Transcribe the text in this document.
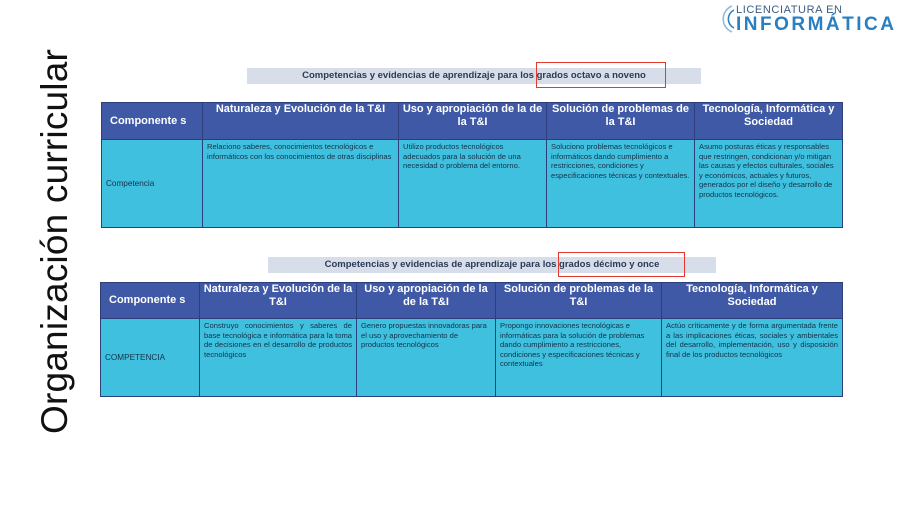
Organización curricular
LICENCIATURA EN
INFORMÁTICA
Competencias y evidencias de aprendizaje para los grados octavo a noveno
Componente s	Naturaleza y Evolución de la T&I	Uso y apropiación de la de la T&I	Solución de problemas de la T&I	Tecnología, Informática y Sociedad
Competencia	Relaciono saberes, conocimientos tecnológicos e informáticos con los conocimientos de otras disciplinas	Utilizo productos tecnológicos adecuados para la solución de una necesidad o problema del entorno.	Soluciono problemas tecnológicos e informáticos dando cumplimiento a restricciones, condiciones y especificaciones técnicas y contextuales.	Asumo posturas éticas y responsables que restringen, condicionan y/o mitigan las causas y efectos culturales, sociales y económicos, actuales y futuros, generados por el diseño y desarrollo de productos tecnológicos.
Competencias y evidencias de aprendizaje para los grados décimo y once
Componente s	Naturaleza y Evolución de la T&I	Uso y apropiación de la de la T&I	Solución de problemas de la T&I	Tecnología, Informática y Sociedad
COMPETENCIA	Construyo conocimientos y saberes de base tecnológica e informática para la toma de decisiones en el desarrollo de productos tecnológicos	Genero propuestas innovadoras para el uso y aprovechamiento de productos tecnológicos	Propongo innovaciones tecnológicas e informáticas para la solución de problemas dando cumplimiento a restricciones, condiciones y especificaciones técnicas y contextuales	Actúo críticamente y de forma argumentada frente a las implicaciones éticas, sociales y ambientales del desarrollo, implementación, uso y disposición final de los productos tecnológicos
